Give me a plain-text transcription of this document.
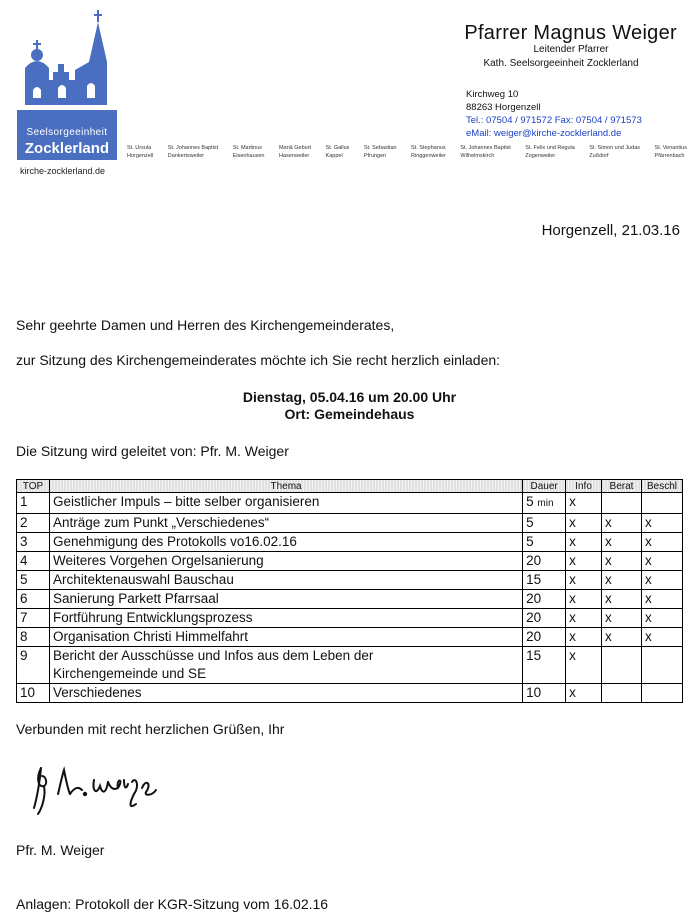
Seelsorgeeinheit
Zocklerland
kirche-zocklerland.de
Pfarrer Magnus Weiger
Leitender Pfarrer
Kath. Seelsorgeeinheit Zocklerland
Kirchweg 10
88263 Horgenzell
Tel.: 07504 / 971572 Fax: 07504 / 971573
eMail: weiger@kirche-zocklerland.de
St. Ursula
Horgenzell
St. Johannes Baptist
Dankertsweiler
St. Martinus
Eisenhausen
Mariä Geburt
Hasenweiler
St. Gallus
Kappel
St. Sebastian
Pfrungen
St. Stephanus
Ringgenweiler
St. Johannes Baptist
Wilhelmskirch
St. Felix und Regula
Zogenweiler
St. Simon und Judas
Zußdorf
St. Venantius
Pfärrenbach
Horgenzell, 21.03.16
Sehr geehrte Damen und Herren des Kirchengemeinderates,
zur Sitzung des Kirchengemeinderates möchte ich Sie recht herzlich einladen:
Dienstag, 05.04.16 um 20.00 Uhr
Ort: Gemeindehaus
Die Sitzung wird geleitet von: Pfr. M. Weiger
TOP	Thema	Dauer	Info	Berat	Beschl
1	Geistlicher Impuls – bitte selber organisieren	5 min	x		
2	Anträge zum Punkt „Verschiedenes“	5	x	x	x
3	Genehmigung des Protokolls vo16.02.16	5	x	x	x
4	Weiteres Vorgehen Orgelsanierung	20	x	x	x
5	Architektenauswahl Bauschau	15	x	x	x
6	Sanierung Parkett Pfarrsaal	20	x	x	x
7	Fortführung Entwicklungsprozess	20	x	x	x
8	Organisation Christi Himmelfahrt	20	x	x	x
9	Bericht der Ausschüsse und Infos aus dem Leben der
Kirchengemeinde und SE	15	x		
10	Verschiedenes	10	x		
Verbunden mit recht herzlichen Grüßen, Ihr
Pfr. M. Weiger
Anlagen: Protokoll der KGR-Sitzung vom 16.02.16
